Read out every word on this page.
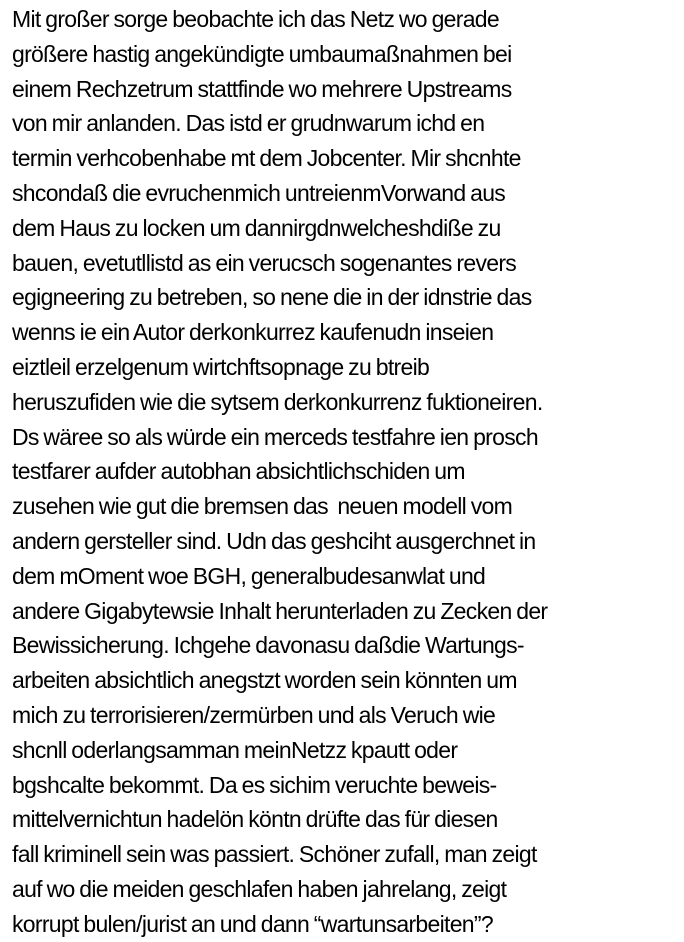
Mit großer sorge beobachte ich das Netz wo gerade
größere hastig angekündigte umbaumaßnahmen bei
einem Rechzetrum stattfinde wo mehrere Upstreams
von mir anlanden. Das istd er grudnwarum ichd en
termin verhcobenhabe mt dem Jobcenter. Mir shcnhte
shcondaß die evruchenmich untreienmVorwand aus
dem Haus zu locken um dannirgdnwelcheshdiße zu
bauen, evetutllistd as ein verucsch sogenantes revers
egigneering zu betreben, so nene die in der idnstrie das
wenns ie ein Autor derkonkurrez kaufenudn inseien
eiztleil erzelgenum wirtchftsopnage zu btreib
heruszufiden wie die sytsem derkonkurrenz fuktioneiren.
Ds wäree so als würde ein merceds testfahre ien prosch
testfarer aufder autobhan absichtlichschiden um
zusehen wie gut die bremsen das  neuen modell vom
andern gersteller sind. Udn das geshciht ausgerchnet in
dem mOment woe BGH, generalbudesanwlat und
andere Gigabytewsie Inhalt herunterladen zu Zecken der
Bewissicherung. Ichgehe davonasu daßdie Wartungs-
arbeiten absichtlich anegstzt worden sein könnten um
mich zu terrorisieren/zermürben und als Veruch wie
shcnll oderlangsamman meinNetzz kpautt oder
bgshcalte bekommt. Da es sichim veruchte beweis-
mittelvernichtun hadelön köntn drüfte das für diesen
fall kriminell sein was passiert. Schöner zufall, man zeigt
auf wo die meiden geschlafen haben jahrelang, zeigt
korrupt bulen/jurist an und dann “wartunsarbeiten”?
